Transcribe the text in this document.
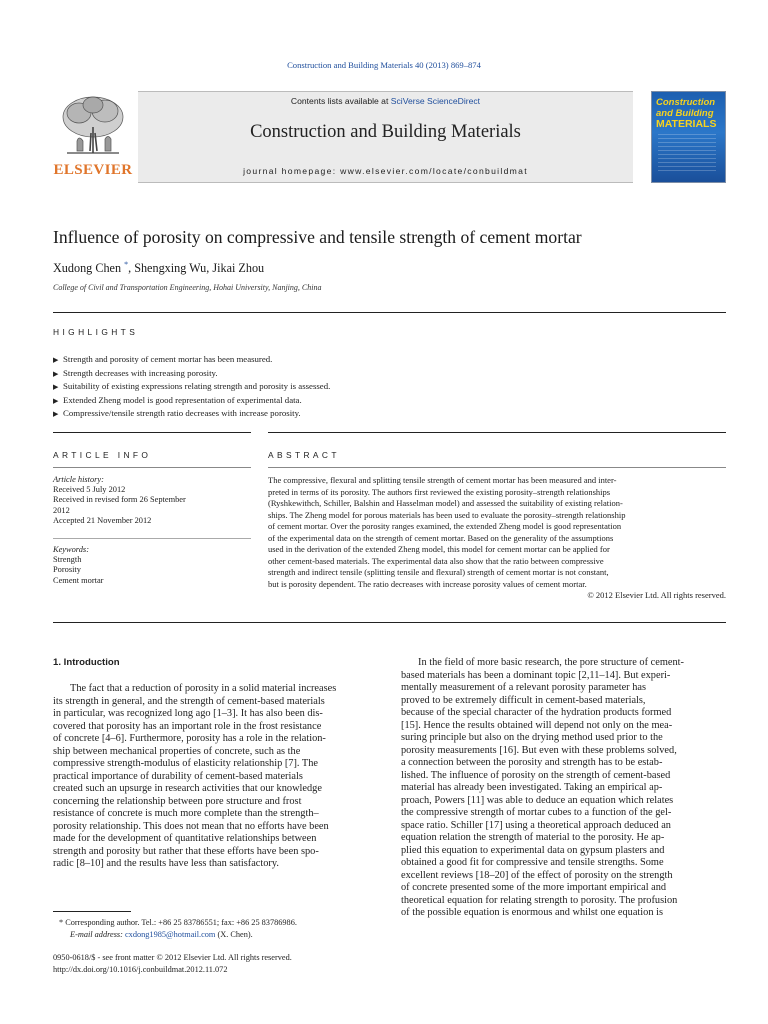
Construction and Building Materials 40 (2013) 869–874
ELSEVIER
Contents lists available at SciVerse ScienceDirect
Construction and Building Materials
journal homepage: www.elsevier.com/locate/conbuildmat
Construction
and Building
MATERIALS
Influence of porosity on compressive and tensile strength of cement mortar
Xudong Chen *, Shengxing Wu, Jikai Zhou
College of Civil and Transportation Engineering, Hohai University, Nanjing, China
HIGHLIGHTS
▶ Strength and porosity of cement mortar has been measured.
▶ Strength decreases with increasing porosity.
▶ Suitability of existing expressions relating strength and porosity is assessed.
▶ Extended Zheng model is good representation of experimental data.
▶ Compressive/tensile strength ratio decreases with increase porosity.
ARTICLE INFO	ABSTRACT
Article history:
Received 5 July 2012
Received in revised form 26 September
2012
Accepted 21 November 2012
Keywords:
Strength
Porosity
Cement mortar
The compressive, flexural and splitting tensile strength of cement mortar has been measured and inter-
preted in terms of its porosity. The authors first reviewed the existing porosity–strength relationships
(Ryshkewithch, Schiller, Balshin and Hasselman model) and assessed the suitability of existing relation-
ships. The Zheng model for porous materials has been used to evaluate the porosity–strength relationship
of cement mortar. Over the porosity ranges examined, the extended Zheng model is good representation
of the experimental data on the strength of cement mortar. Based on the generality of the assumptions
used in the derivation of the extended Zheng model, this model for cement mortar can be applied for
other cement-based materials. The experimental data also show that the ratio between compressive
strength and indirect tensile (splitting tensile and flexural) strength of cement mortar is not constant,
but is porosity dependent. The ratio decreases with increase porosity values of cement mortar.
© 2012 Elsevier Ltd. All rights reserved.
1. Introduction
The fact that a reduction of porosity in a solid material increases
its strength in general, and the strength of cement-based materials
in particular, was recognized long ago [1–3]. It has also been dis-
covered that porosity has an important role in the frost resistance
of concrete [4–6]. Furthermore, porosity has a role in the relation-
ship between mechanical properties of concrete, such as the
compressive strength-modulus of elasticity relationship [7]. The
practical importance of durability of cement-based materials
created such an upsurge in research activities that our knowledge
concerning the relationship between pore structure and frost
resistance of concrete is much more complete than the strength–
porosity relationship. This does not mean that no efforts have been
made for the development of quantitative relationships between
strength and porosity but rather that these efforts have been spo-
radic [8–10] and the results have less than satisfactory.
In the field of more basic research, the pore structure of cement-
based materials has been a dominant topic [2,11–14]. But experi-
mentally measurement of a relevant porosity parameter has
proved to be extremely difficult in cement-based materials,
because of the special character of the hydration products formed
[15]. Hence the results obtained will depend not only on the mea-
suring principle but also on the drying method used prior to the
porosity measurements [16]. But even with these problems solved,
a connection between the porosity and strength has to be estab-
lished. The influence of porosity on the strength of cement-based
material has already been investigated. Taking an empirical ap-
proach, Powers [11] was able to deduce an equation which relates
the compressive strength of mortar cubes to a function of the gel-
space ratio. Schiller [17] using a theoretical approach deduced an
equation relation the strength of material to the porosity. He ap-
plied this equation to experimental data on gypsum plasters and
obtained a good fit for compressive and tensile strengths. Some
excellent reviews [18–20] of the effect of porosity on the strength
of concrete presented some of the more important empirical and
theoretical equation for relating strength to porosity. The profusion
of the possible equation is enormous and whilst one equation is
* Corresponding author. Tel.: +86 25 83786551; fax: +86 25 83786986.
E-mail address: cxdong1985@hotmail.com (X. Chen).
0950-0618/$ - see front matter © 2012 Elsevier Ltd. All rights reserved.
http://dx.doi.org/10.1016/j.conbuildmat.2012.11.072
